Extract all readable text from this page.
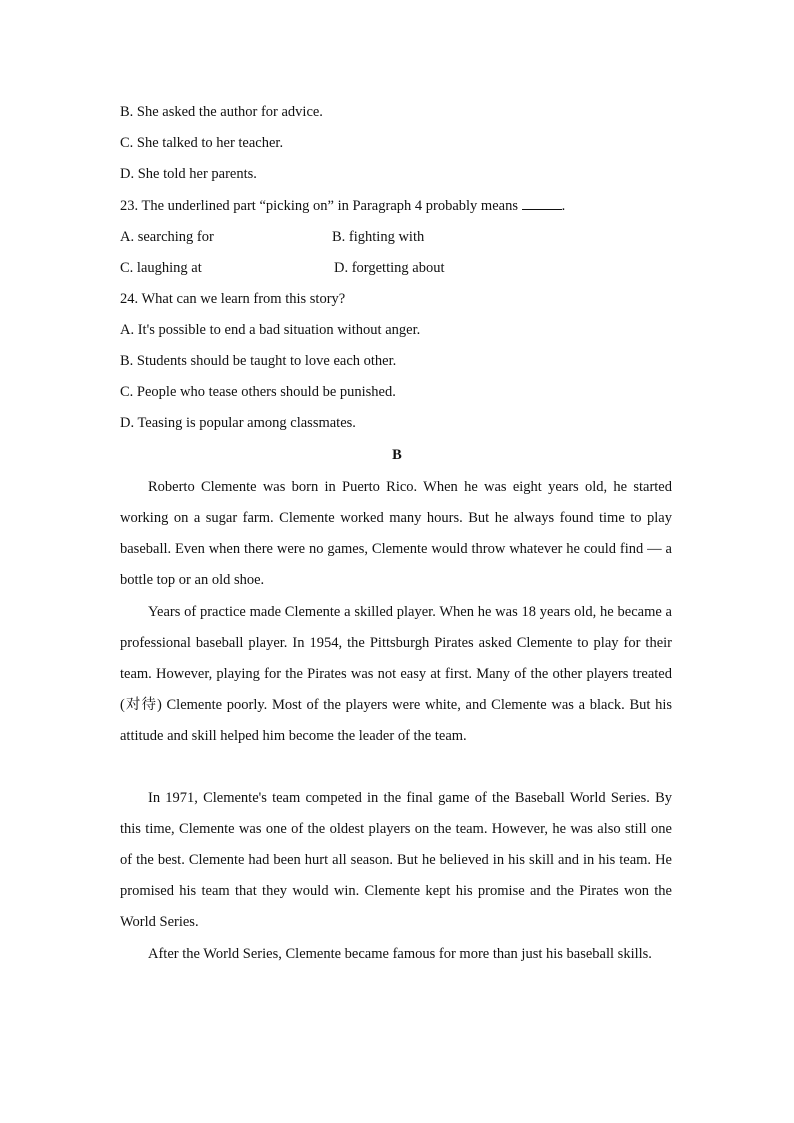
B. She asked the author for advice.
C. She talked to her teacher.
D. She told her parents.
23. The underlined part “picking on” in Paragraph 4 probably means	.
A. searching for	B. fighting with
C. laughing at	D. forgetting about
24. What can we learn from this story?
A. It's possible to end a bad situation without anger.
B. Students should be taught to love each other.
C. People who tease others should be punished.
D. Teasing is popular among classmates.
B

Roberto Clemente was born in Puerto Rico. When he was eight years old, he started working on a sugar farm. Clemente worked many hours. But he always found time to play baseball. Even when there were no games, Clemente would throw whatever he could find — a bottle top or an old shoe.

Years of practice made Clemente a skilled player. When he was 18 years old, he became a professional baseball player. In 1954, the Pittsburgh Pirates asked Clemente to play for their team. However, playing for the Pirates was not easy at first. Many of the other players treated (对待) Clemente poorly. Most of the players were white, and Clemente was a black. But his attitude and skill helped him become the leader of the team.

In 1971, Clemente's team competed in the final game of the Baseball World Series. By this time, Clemente was one of the oldest players on the team. However, he was also still one of the best. Clemente had been hurt all season. But he believed in his skill and in his team. He promised his team that they would win. Clemente kept his promise and the Pirates won the World Series.

After the World Series, Clemente became famous for more than just his baseball skills.
